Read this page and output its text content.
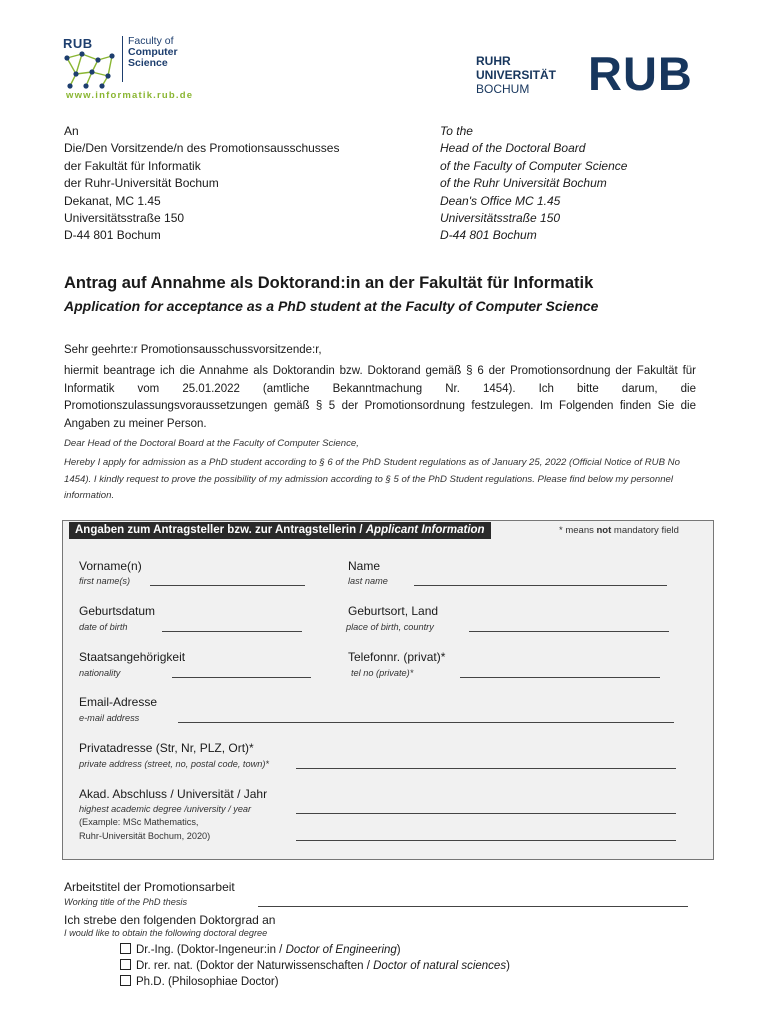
RUB	Faculty of
Computer
Science
www.informatik.rub.de
RUHR
UNIVERSITÄT
BOCHUM	RUB
An
Die/Den Vorsitzende/n des Promotionsausschusses
der Fakultät für Informatik
der Ruhr-Universität Bochum
Dekanat, MC 1.45
Universitätsstraße 150
D-44 801 Bochum
To the
Head of the Doctoral Board
of the Faculty of Computer Science
of the Ruhr Universität Bochum
Dean's Office MC 1.45
Universitätsstraße 150
D-44 801 Bochum
Antrag auf Annahme als Doktorand:in an der Fakultät für Informatik
Application for acceptance as a PhD student at the Faculty of Computer Science
Sehr geehrte:r Promotionsausschussvorsitzende:r,
hiermit beantrage ich die Annahme als Doktorandin bzw. Doktorand gemäß § 6 der Promotionsordnung der Fakultät für Informatik vom 25.01.2022 (amtliche Bekanntmachung Nr. 1454). Ich bitte darum, die Promotionszulassungsvoraussetzungen gemäß § 5 der Promotionsordnung festzulegen. Im Folgenden finden Sie die Angaben zu meiner Person.
Dear Head of the Doctoral Board at the Faculty of Computer Science,
Hereby I apply for admission as a PhD student according to § 6 of the PhD Student regulations as of January 25, 2022 (Official Notice of RUB No 1454). I kindly request to prove the possibility of my admission according to § 5 of the PhD Student regulations. Please find below my personnel information.
Angaben zum Antragsteller bzw. zur Antragstellerin / Applicant Information	* means not mandatory field
Vorname(n)
first name(s)
Name
last name
Geburtsdatum
date of birth
Geburtsort, Land
place of birth, country
Staatsangehörigkeit
nationality
Telefonnr. (privat)*
tel no (private)*
Email-Adresse
e-mail address
Privatadresse (Str, Nr, PLZ, Ort)*
private address (street, no, postal code, town)*
Akad. Abschluss / Universität / Jahr
highest academic degree /university / year
(Example: MSc Mathematics,
Ruhr-Universität Bochum, 2020)
Arbeitstitel der Promotionsarbeit
Working title of the PhD thesis
Ich strebe den folgenden Doktorgrad an
I would like to obtain the following doctoral degree
Dr.-Ing. (Doktor-Ingeneur:in / Doctor of Engineering)
Dr. rer. nat. (Doktor der Naturwissenschaften / Doctor of natural sciences)
Ph.D. (Philosophiae Doctor)
